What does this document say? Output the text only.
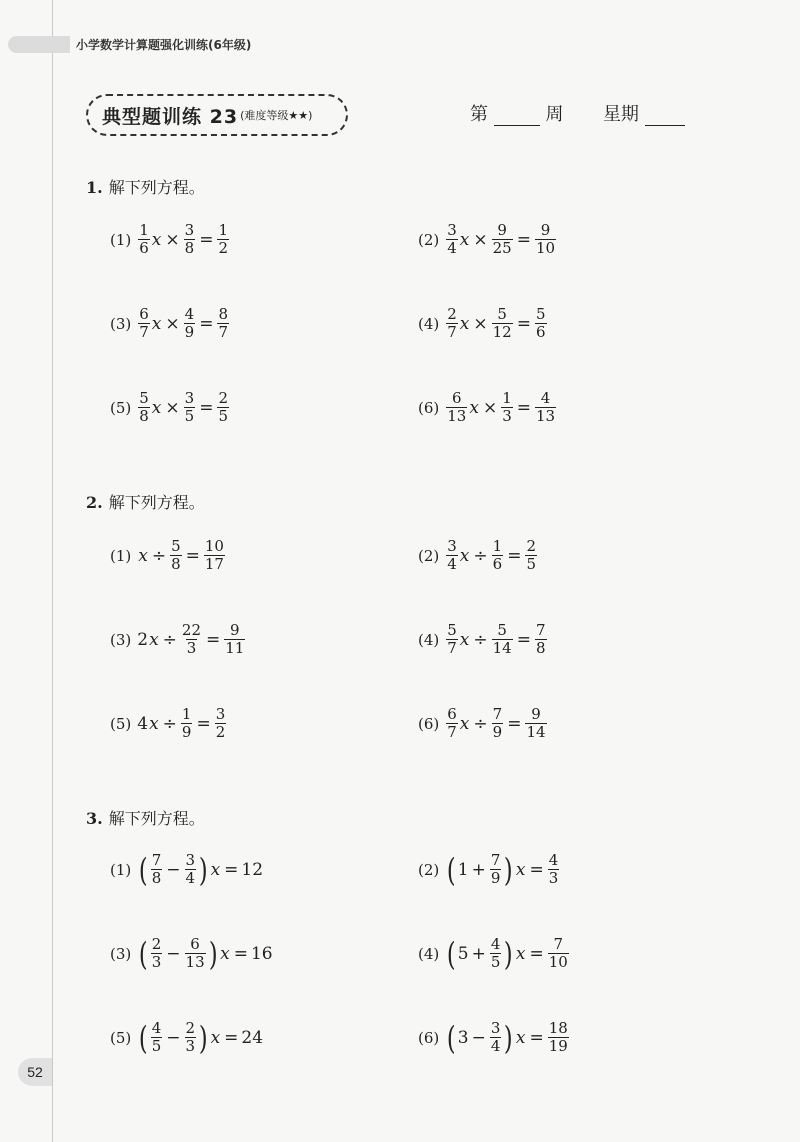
小学数学计算题强化训练(6年级)
典型题训练 23 (难度等级★★)	第	周 星期
1. 解下列方程。
2. 解下列方程。
3. 解下列方程。
52
$(1) \frac{1}{6}$ $x \times \frac{3}{8} = \frac{1}{2}$	$(2) \frac{3}{4}$ $x \times \frac{9}{25} = \frac{9}{10}$
$(3) \frac{6}{7}$ $x \times \frac{4}{9} = \frac{8}{7}$	$(4) \frac{2}{7}$ $x \times \frac{5}{12} = \frac{5}{6}$
$(5) \frac{5}{8}$ $x \times \frac{3}{5} = \frac{2}{5}$	$(6) \frac{6}{13}$ $x \times \frac{1}{3} = \frac{4}{13}$
(1) $x \div \frac{5}{8} = \frac{10}{17}$	$(2) \frac{3}{4}$ $x \div \frac{1}{6} = \frac{2}{5}$
(3) 2 $x \div \frac{22}{3} = \frac{9}{11}$	$(4) \frac{5}{7}$ $x \div \frac{5}{14} = \frac{7}{8}$
(5) 4 $x \div \frac{1}{9} = \frac{3}{2}$	$(6) \frac{6}{7}$ $x \div \frac{7}{9} = \frac{9}{14}$
(1) ( $\frac{7}{8} - \frac{3}{4}$ ) x = 12	(2) ( $1 + \frac{7}{9}$ ) $x = \frac{4}{3}$
(3) ( $\frac{2}{3} - \frac{6}{13}$ ) x = 16	(4) ( $5 + \frac{4}{5}$ ) $x = \frac{7}{10}$
(5) ( $\frac{4}{5} - \frac{2}{3}$ ) x = 24	(6) ( $3 - \frac{3}{4}$ ) $x = \frac{18}{19}$
